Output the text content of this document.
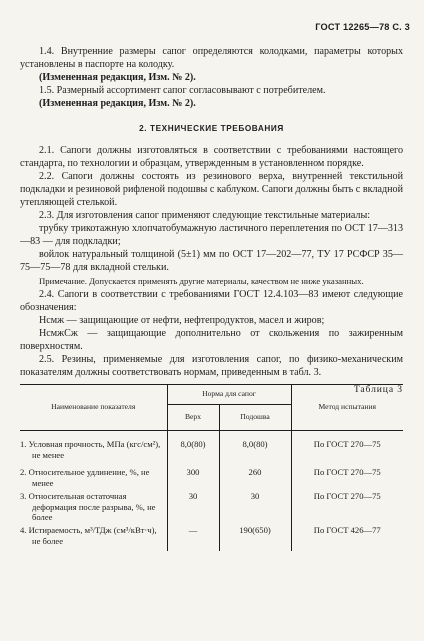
ГОСТ 12265—78 С. 3

1.4. Внутренние размеры сапог определяются колодками, параметры которых установлены в паспорте на колодку.

(Измененная редакция, Изм. № 2).

1.5. Размерный ассортимент сапог согласовывают с потребителем.

(Измененная редакция, Изм. № 2).

2. ТЕХНИЧЕСКИЕ ТРЕБОВАНИЯ

2.1. Сапоги должны изготовляться в соответствии с требованиями настоящего стандарта, по технологии и образцам, утвержденным в установленном порядке.

2.2. Сапоги должны состоять из резинового верха, внутренней текстильной подкладки и резиновой рифленой подошвы с каблуком. Сапоги должны быть с вкладной утепляющей стелькой.

2.3. Для изготовления сапог применяют следующие текстильные материалы:

трубку трикотажную хлопчатобумажную ластичного переплетения по ОСТ 17—313—83 — для подкладки;

войлок натуральный толщиной (5±1) мм по ОСТ 17—202—77, ТУ 17 РСФСР 35—75—75—78 для вкладной стельки.

Примечание. Допускается применять другие материалы, качеством не ниже указанных.

2.4. Сапоги в соответствии с требованиями ГОСТ 12.4.103—83 имеют следующие обозначения:

Нсмж — защищающие от нефти, нефтепродуктов, масел и жиров;

НсмжСж — защищающие дополнительно от скольжения по зажиренным поверхностям.

2.5. Резины, применяемые для изготовления сапог, по физико-механическим показателям должны соответствовать нормам, приведенным в табл. 3.

Таблица 3
Наименование показателя	Норма для сапог		Метод испытания
	Верх	Подошва	
1. Условная прочность, МПа (кгс/см²), не менее	8,0(80)	8,0(80)	По ГОСТ 270—75
2. Относительное удлинение, %, не менее	300	260	По ГОСТ 270—75
3. Относительная остаточная деформация после разрыва, %, не более	30	30	По ГОСТ 270—75
4. Истираемость, м³/ТДж (см³/кВт·ч), не более	—	190(650)	По ГОСТ 426—77
